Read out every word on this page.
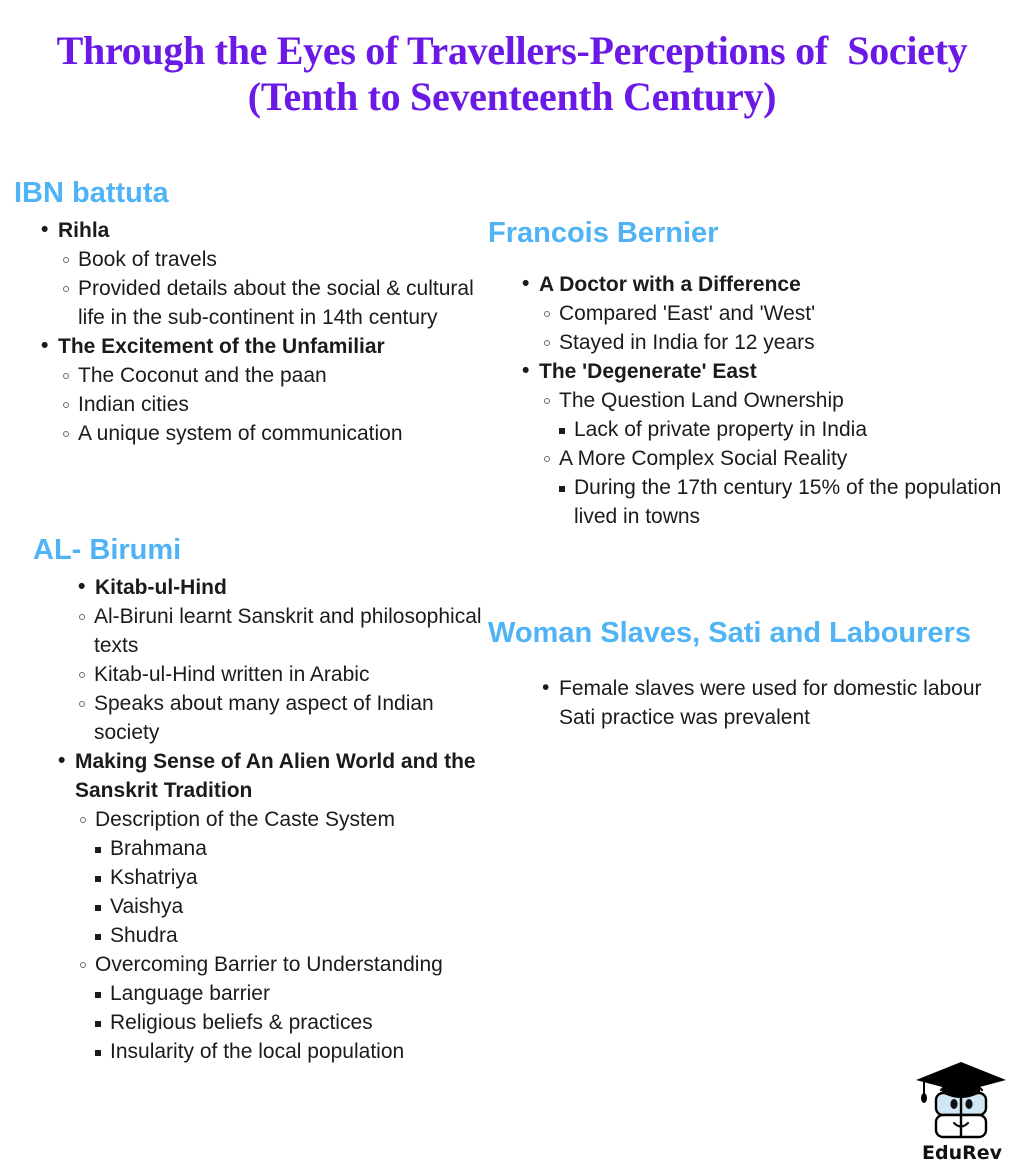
Through the Eyes of Travellers-Perceptions of  Society
(Tenth to Seventeenth Century)
IBN battuta
• Rihla
Book of travels
Provided details about the social & cultural life in the sub-continent in 14th century
• The Excitement of the Unfamiliar
The Coconut and the paan
Indian cities
A unique system of communication
AL- Birumi
• Kitab-ul-Hind
Al-Biruni learnt Sanskrit and philosophical texts
Kitab-ul-Hind written in Arabic
Speaks about many aspect of Indian society
• Making Sense of An Alien World and the Sanskrit Tradition
Description of the Caste System
Brahmana
Kshatriya
Vaishya
Shudra
Overcoming Barrier to Understanding
Language barrier
Religious beliefs & practices
Insularity of the local population
Francois Bernier
• A Doctor with a Difference
Compared 'East' and 'West'
Stayed in India for 12 years
• The 'Degenerate' East
The Question Land Ownership
Lack of private property in India
A More Complex Social Reality
During the 17th century 15% of the population lived in towns
Woman Slaves, Sati and Labourers
• Female slaves were used for domestic labour Sati practice was prevalent
EduRev
